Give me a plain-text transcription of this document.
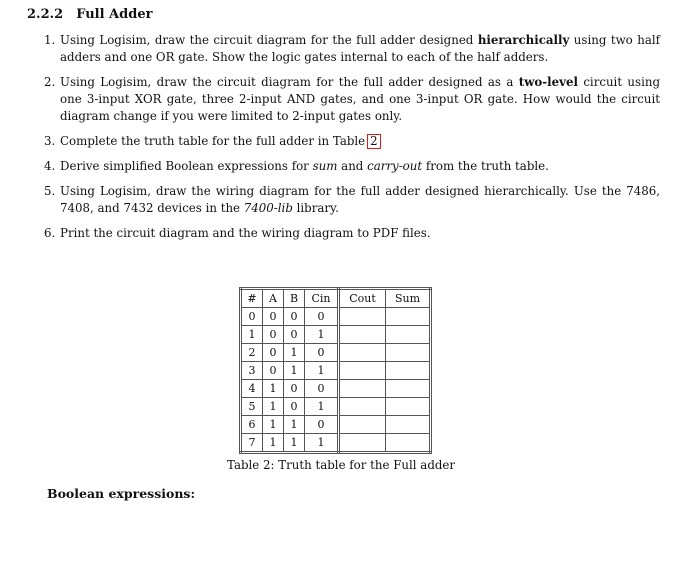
2.2.2 Full Adder
1. Using Logisim, draw the circuit diagram for the full adder designed hierarchically using two half adders and one OR gate. Show the logic gates internal to each of the half adders.
2. Using Logisim, draw the circuit diagram for the full adder designed as a two-level circuit using one 3-input XOR gate, three 2-input AND gates, and one 3-input OR gate. How would the circuit diagram change if you were limited to 2-input gates only.
3. Complete the truth table for the full adder in Table 2
4. Derive simplified Boolean expressions for sum and carry-out from the truth table.
5. Using Logisim, draw the wiring diagram for the full adder designed hierarchically. Use the 7486, 7408, and 7432 devices in the 7400-lib library.
6. Print the circuit diagram and the wiring diagram to PDF files.
#	A	B	Cin	Cout	Sum
0	0	0	0		
1	0	0	1		
2	0	1	0		
3	0	1	1		
4	1	0	0		
5	1	0	1		
6	1	1	0		
7	1	1	1		
Table 2: Truth table for the Full adder
Boolean expressions:
